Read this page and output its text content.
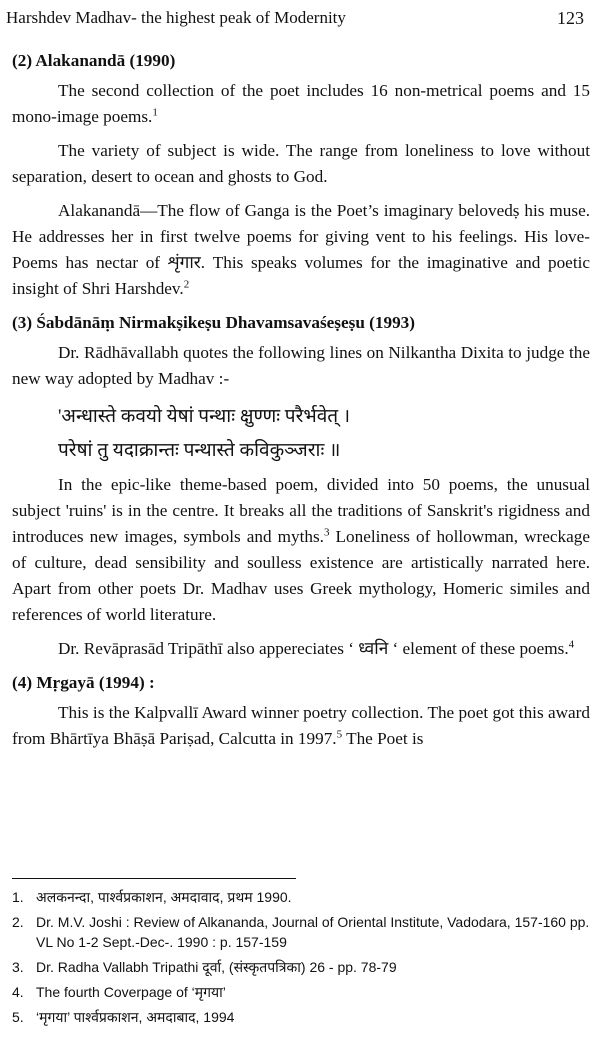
Harshdev Madhav- the highest peak of Modernity	123
(2) Alakanandā (1990)

The second collection of the poet includes 16 non-metrical poems and 15 mono-image poems.$^1$

The variety of subject is wide. The range from loneliness to love without separation, desert to ocean and ghosts to God.

Alakanandā—The flow of Ganga is the Poet’s imaginary belovedṣ his muse. He addresses her in first twelve poems for giving vent to his feelings. His love-Poems has nectar of शृंगार. This speaks volumes for the imaginative and poetic insight of Shri Harshdev.$^2$

(3) Śabdānāṃ Nirmakṣikeṣu Dhavamsavaśeṣeṣu (1993)

Dr. Rādhāvallabh quotes the following lines on Nilkantha Dixita to judge the new way adopted by Madhav :-

'अन्धास्ते कवयो येषां पन्थाः क्षुण्णः परैर्भवेत् ।
परेषां तु यदाक्रान्तः पन्थास्ते कविकुञ्जराः ॥

In the epic-like theme-based poem, divided into 50 poems, the unusual subject 'ruins' is in the centre. It breaks all the traditions of Sanskrit's rigidness and introduces new images, symbols and myths.$^3$ Loneliness of hollowman, wreckage of culture, dead sensibility and soulless existence are artistically narrated here. Apart from other poets Dr. Madhav uses Greek mythology, Homeric similes and references of world literature.

Dr. Revāprasād Tripāthī also appereciates ‘ ध्वनि ‘ element of these poems.$^4$

(4) Mṛgayā (1994) :

This is the Kalpvallī Award winner poetry collection. The poet got this award from Bhārtīya Bhāṣā Pariṣad, Calcutta in 1997.$^5$ The Poet is

1. अलकनन्दा, पार्श्वप्रकाशन, अमदावाद, प्रथम 1990.
2. Dr. M.V. Joshi : Review of Alkananda, Journal of Oriental Institute, Vadodara, 157-160 pp. VL No 1-2 Sept.-Dec-. 1990 : p. 157-159
3. Dr. Radha Vallabh Tripathi दूर्वा, (संस्कृतपत्रिका) 26 - pp. 78-79
4. The fourth Coverpage of ‘मृगया’
5. ‘मृगया’ पार्श्वप्रकाशन, अमदाबाद, 1994
